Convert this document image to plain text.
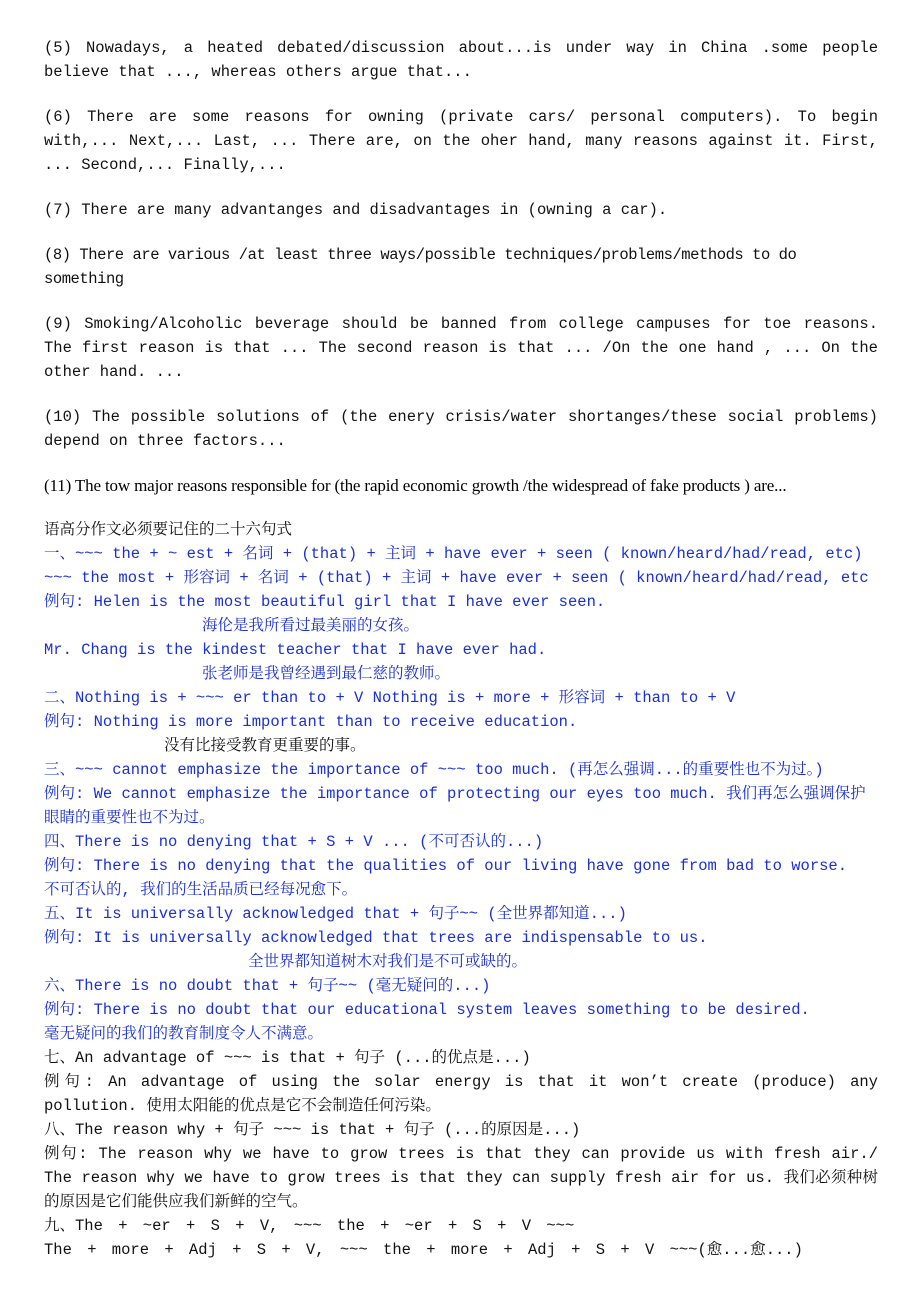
(5) Nowadays, a heated debated/discussion about...is under way in China .some people believe that ..., whereas others argue that...

(6) There are some reasons for owning (private cars/ personal computers). To begin with,... Next,... Last, ... There are, on the oher hand, many reasons against it. First, ... Second,... Finally,...

(7) There are many advantanges and disadvantages in (owning a car).

(8) There are various /at least three ways/possible techniques/problems/methods to do something

(9) Smoking/Alcoholic beverage should be banned from college campuses for toe reasons. The first reason is that ... The second reason is that ... /On the one hand , ... On the other hand. ...

(10) The possible solutions of (the enery crisis/water shortanges/these social problems) depend on three factors...

(11) The tow major reasons responsible for (the rapid economic growth /the widespread of fake products ) are...

语高分作文必须要记住的二十六句式

一、~~~ the + ~ est + 名词 + (that) + 主词 + have ever + seen ( known/heard/had/read, etc)

~~~ the most + 形容词 + 名词 + (that) + 主词 + have ever + seen ( known/heard/had/read, etc

例句: Helen is the most beautiful girl that I have ever seen.

海伦是我所看过最美丽的女孩。

Mr. Chang is the kindest teacher that I have ever had.

张老师是我曾经遇到最仁慈的教师。

二、Nothing is + ~~~ er than to + V Nothing is + more + 形容词 + than to + V

例句: Nothing is more important than to receive education.

没有比接受教育更重要的事。

三、~~~ cannot emphasize the importance of ~~~ too much. (再怎么强调...的重要性也不为过。)

例句: We cannot emphasize the importance of protecting our eyes too much. 我们再怎么强调保护眼睛的重要性也不为过。

四、There is no denying that + S + V ... (不可否认的...)

例句: There is no denying that the qualities of our living have gone from bad to worse.

不可否认的, 我们的生活品质已经每况愈下。

五、It is universally acknowledged that + 句子~~ (全世界都知道...)

例句: It is universally acknowledged that trees are indispensable to us.

全世界都知道树木对我们是不可或缺的。

六、There is no doubt that + 句子~~ (毫无疑问的...)

例句: There is no doubt that our educational system leaves something to be desired.

毫无疑问的我们的教育制度令人不满意。

七、An advantage of ~~~ is that + 句子 (...的优点是...)

例句: An advantage of using the solar energy is that it won’t create (produce) any pollution. 使用太阳能的优点是它不会制造任何污染。

八、The reason why + 句子 ~~~ is that + 句子 (...的原因是...)

例句: The reason why we have to grow trees is that they can provide us with fresh air./ The reason why we have to grow trees is that they can supply fresh air for us. 我们必须种树的原因是它们能供应我们新鲜的空气。

九、The + ~er + S + V, ~~~ the + ~er + S + V ~~~

The + more + Adj + S + V, ~~~ the + more + Adj + S + V ~~~(愈...愈...)
